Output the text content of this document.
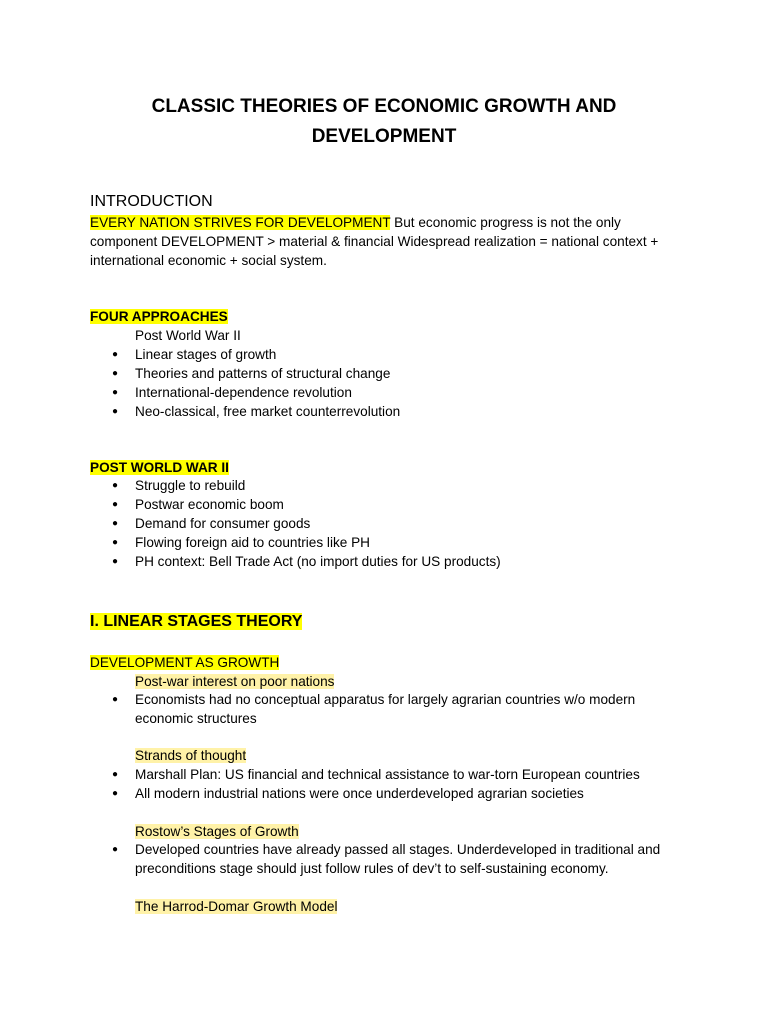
CLASSIC THEORIES OF ECONOMIC GROWTH AND
DEVELOPMENT
INTRODUCTION
EVERY NATION STRIVES FOR DEVELOPMENT But economic progress is not the only
component DEVELOPMENT > material & financial Widespread realization = national context +
international economic + social system.
FOUR APPROACHES
Post World War II
● Linear stages of growth
● Theories and patterns of structural change
● International-dependence revolution
● Neo-classical, free market counterrevolution
POST WORLD WAR II
● Struggle to rebuild
● Postwar economic boom
● Demand for consumer goods
● Flowing foreign aid to countries like PH
● PH context: Bell Trade Act (no import duties for US products)
I. LINEAR STAGES THEORY
DEVELOPMENT AS GROWTH
Post-war interest on poor nations
● Economists had no conceptual apparatus for largely agrarian countries w/o modern
economic structures
Strands of thought
● Marshall Plan: US financial and technical assistance to war-torn European countries
● All modern industrial nations were once underdeveloped agrarian societies
Rostow’s Stages of Growth
● Developed countries have already passed all stages. Underdeveloped in traditional and
preconditions stage should just follow rules of dev’t to self-sustaining economy.
The Harrod-Domar Growth Model
